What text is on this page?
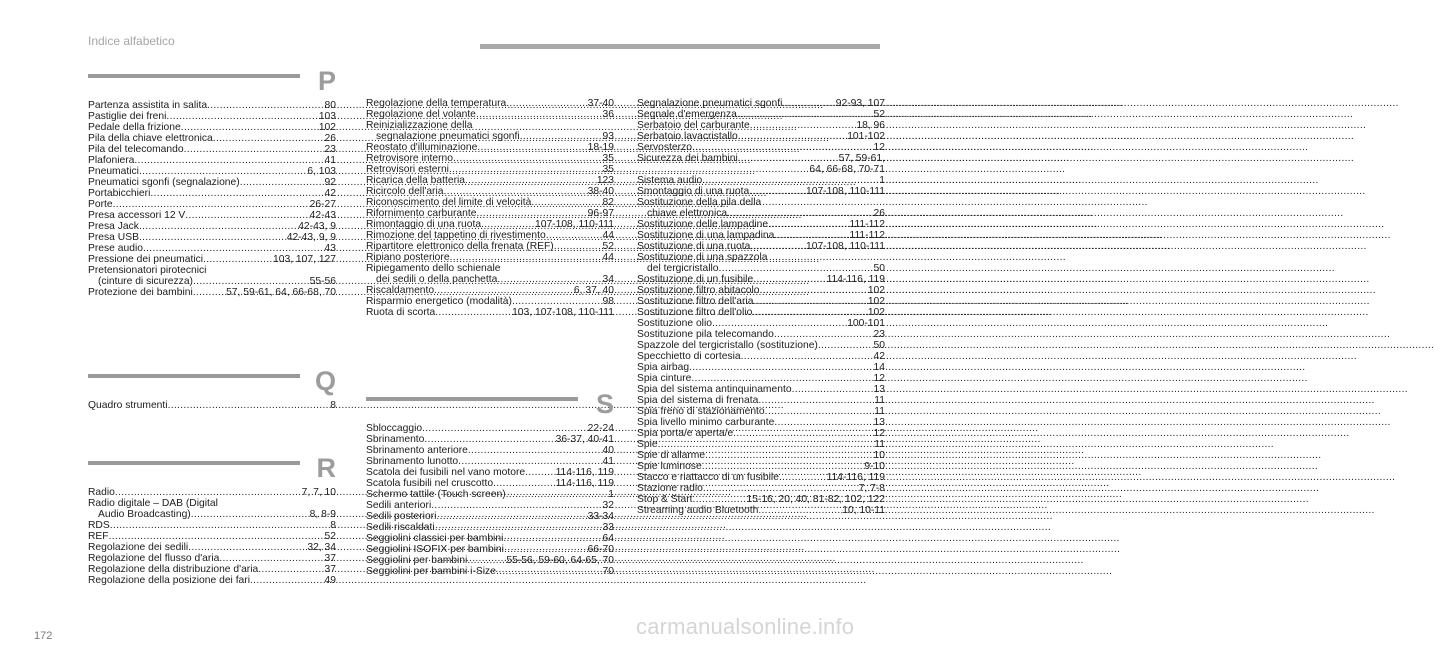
Indice alfabetico
P
Partenza assistita in salita .....	80
Pastiglie dei freni .....	103
Pedale della frizione .....	102
Pila della chiave elettronica .....	26
Pila del telecomando .....	23
Plafoniera .....	41
Pneumatici .....	6, 103
Pneumatici sgonfi (segnalazione) .....	92
Portabicchieri .....	42
Porte .....	26-27
Presa accessori 12 V .....	42-43
Presa Jack .....	42-43, 9
Presa USB .....	42-43, 9, 9
Prese audio .....	43
Pressione dei pneumatici .....	103, 107, 127
Pretensionatori pirotecnici
(cinture di sicurezza) .....	55-56
Protezione dei bambini .....	57, 59-61, 64, 66-68, 70
Q
Quadro strumenti .....	8
R
Radio .....	7, 7, 10
Radio digitale – DAB (Digital
Audio Broadcasting) .....	8, 8-9
RDS .....	8
REF .....	52
Regolazione dei sedili .....	32, 34
Regolazione del flusso d'aria .....	37
Regolazione della distribuzione d'aria .....	37
Regolazione della posizione dei fari .....	49
Regolazione della temperatura .....	37-40
Regolazione del volante .....	36
Reinizializzazione della
segnalazione pneumatici sgonfi .....	93
Reostato d'illuminazione .....	18-19
Retrovisore interno .....	35
Retrovisori esterni .....	35
Ricarica della batteria .....	123
Ricircolo dell'aria .....	38-40
Riconoscimento del limite di velocità .....	82
Rifornimento carburante .....	96-97
Rimontaggio di una ruota .....	107-108, 110-111
Rimozione del tappetino di rivestimento .....	44
Ripartitore elettronico della frenata (REF) .....	52
Ripiano posteriore .....	44
Ripiegamento dello schienale
dei sedili o della panchetta .....	34
Riscaldamento .....	6, 37, 40
Risparmio energetico (modalità) .....	98
Ruota di scorta .....	103, 107-108, 110-111
S
Sbloccaggio .....	22-24
Sbrinamento .....	36-37, 40-41
Sbrinamento anteriore .....	40
Sbrinamento lunotto .....	41
Scatola dei fusibili nel vano motore .....	114-116, 119
Scatola fusibili nel cruscotto .....	114-116, 119
Schermo tattile (Touch screen) .....	1
Sedili anteriori .....	32
Sedili posteriori .....	33-34
Sedili riscaldati .....	33
Seggiolini classici per bambini .....	64
Seggiolini ISOFIX per bambini .....	66-70
Seggiolini per bambini .....	55-56, 59-60, 64-65, 70
Seggiolini per bambini i-Size .....	70
Segnalazione pneumatici sgonfi .....	92-93, 107
Segnale d'emergenza .....	52
Serbatoio del carburante .....	18, 96
Serbatoio lavacristallo .....	101-102
Servosterzo .....	12
Sicurezza dei bambini .....	57, 59-61,
64, 66-68, 70-71
Sistema audio .....	1
Smontaggio di una ruota .....	107-108, 110-111
Sostituzione della pila della
chiave elettronica .....	26
Sostituzione delle lampadine .....	111-112
Sostituzione di una lampadina .....	111-112
Sostituzione di una ruota .....	107-108, 110-111
Sostituzione di una spazzola
del tergicristallo .....	50
Sostituzione di un fusibile .....	114-116, 119
Sostituzione filtro abitacolo .....	102
Sostituzione filtro dell'aria .....	102
Sostituzione filtro dell'olio .....	102
Sostituzione olio .....	100-101
Sostituzione pila telecomando .....	23
Spazzole del tergicristallo (sostituzione) .....	50
Specchietto di cortesia .....	42
Spia airbag .....	14
Spia cinture .....	12
Spia del sistema antinquinamento .....	13
Spia del sistema di frenata .....	11
Spia freno di stazionamento .....	11
Spia livello minimo carburante .....	13
Spia porta/e aperta/e .....	12
Spie .....	11
Spie di allarme .....	10
Spie luminose .....	9-10
Stacco e riattacco di un fusibile .....	114-116, 119
Stazione radio .....	7, 7-8
Stop & Start .....	15-16, 20, 40, 81-82, 102, 122
Streaming audio Bluetooth .....	10, 10-11
172	carmanualsonline.info
